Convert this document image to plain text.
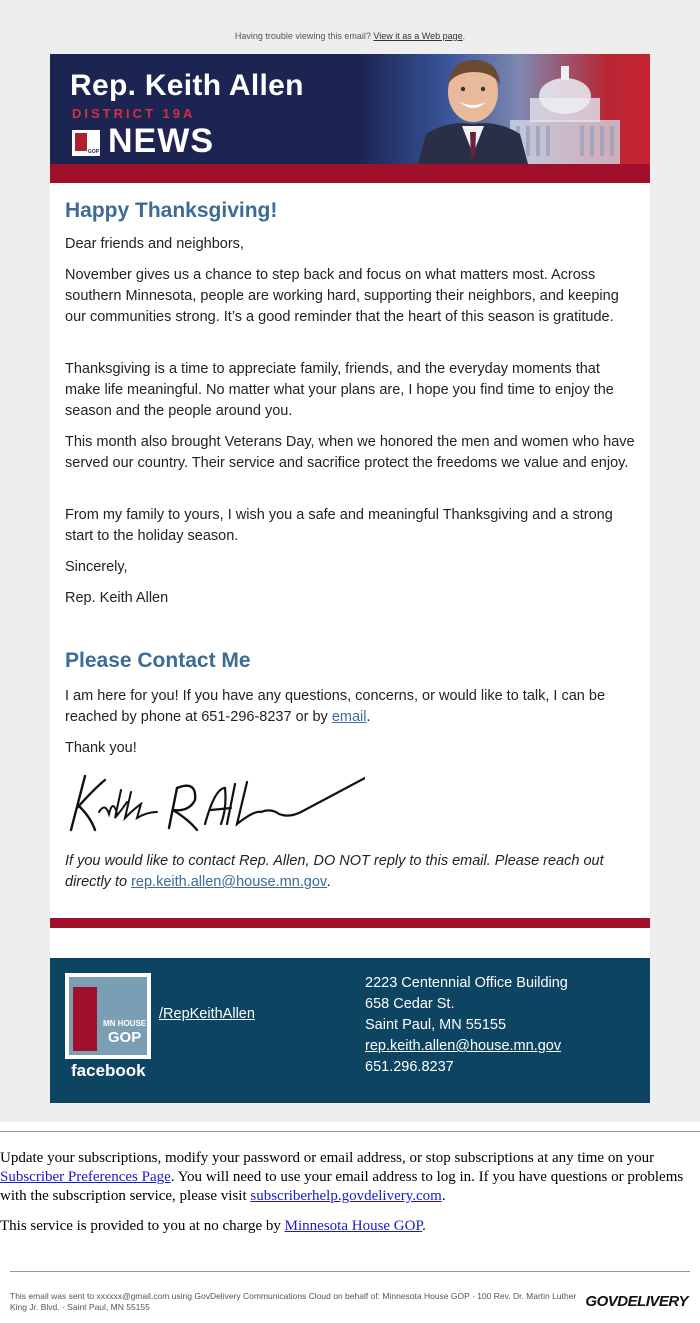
Having trouble viewing this email? View it as a Web page.
Rep. Keith Allen
DISTRICT 19A
GOP NEWS
Happy Thanksgiving!

Dear friends and neighbors,

November gives us a chance to step back and focus on what matters most. Across southern Minnesota, people are working hard, supporting their neighbors, and keeping our communities strong. It’s a good reminder that the heart of this season is gratitude.

Thanksgiving is a time to appreciate family, friends, and the everyday moments that make life meaningful. No matter what your plans are, I hope you find time to enjoy the season and the people around you.

This month also brought Veterans Day, when we honored the men and women who have served our country. Their service and sacrifice protect the freedoms we value and enjoy.

From my family to yours, I wish you a safe and meaningful Thanksgiving and a strong start to the holiday season.

Sincerely,

Rep. Keith Allen

Please Contact Me

I am here for you! If you have any questions, concerns, or would like to talk, I can be reached by phone at 651-296-8237 or by email.

Thank you!

If you would like to contact Rep. Allen, DO NOT reply to this email. Please reach out directly to rep.keith.allen@house.mn.gov.

MN HOUSE
GOP
facebook
/RepKeithAllen
2223 Centennial Office Building
658 Cedar St.
Saint Paul, MN 55155
rep.keith.allen@house.mn.gov
651.296.8237
Update your subscriptions, modify your password or email address, or stop subscriptions at any time on your Subscriber Preferences Page. You will need to use your email address to log in. If you have questions or problems with the subscription service, please visit subscriberhelp.govdelivery.com.
This service is provided to you at no charge by Minnesota House GOP.
This email was sent to xxxxxx@gmail.com using GovDelivery Communications Cloud on behalf of: Minnesota House GOP · 100 Rev. Dr. Martin Luther King Jr. Blvd. · Saint Paul, MN 55155	GOVDELIVERY
